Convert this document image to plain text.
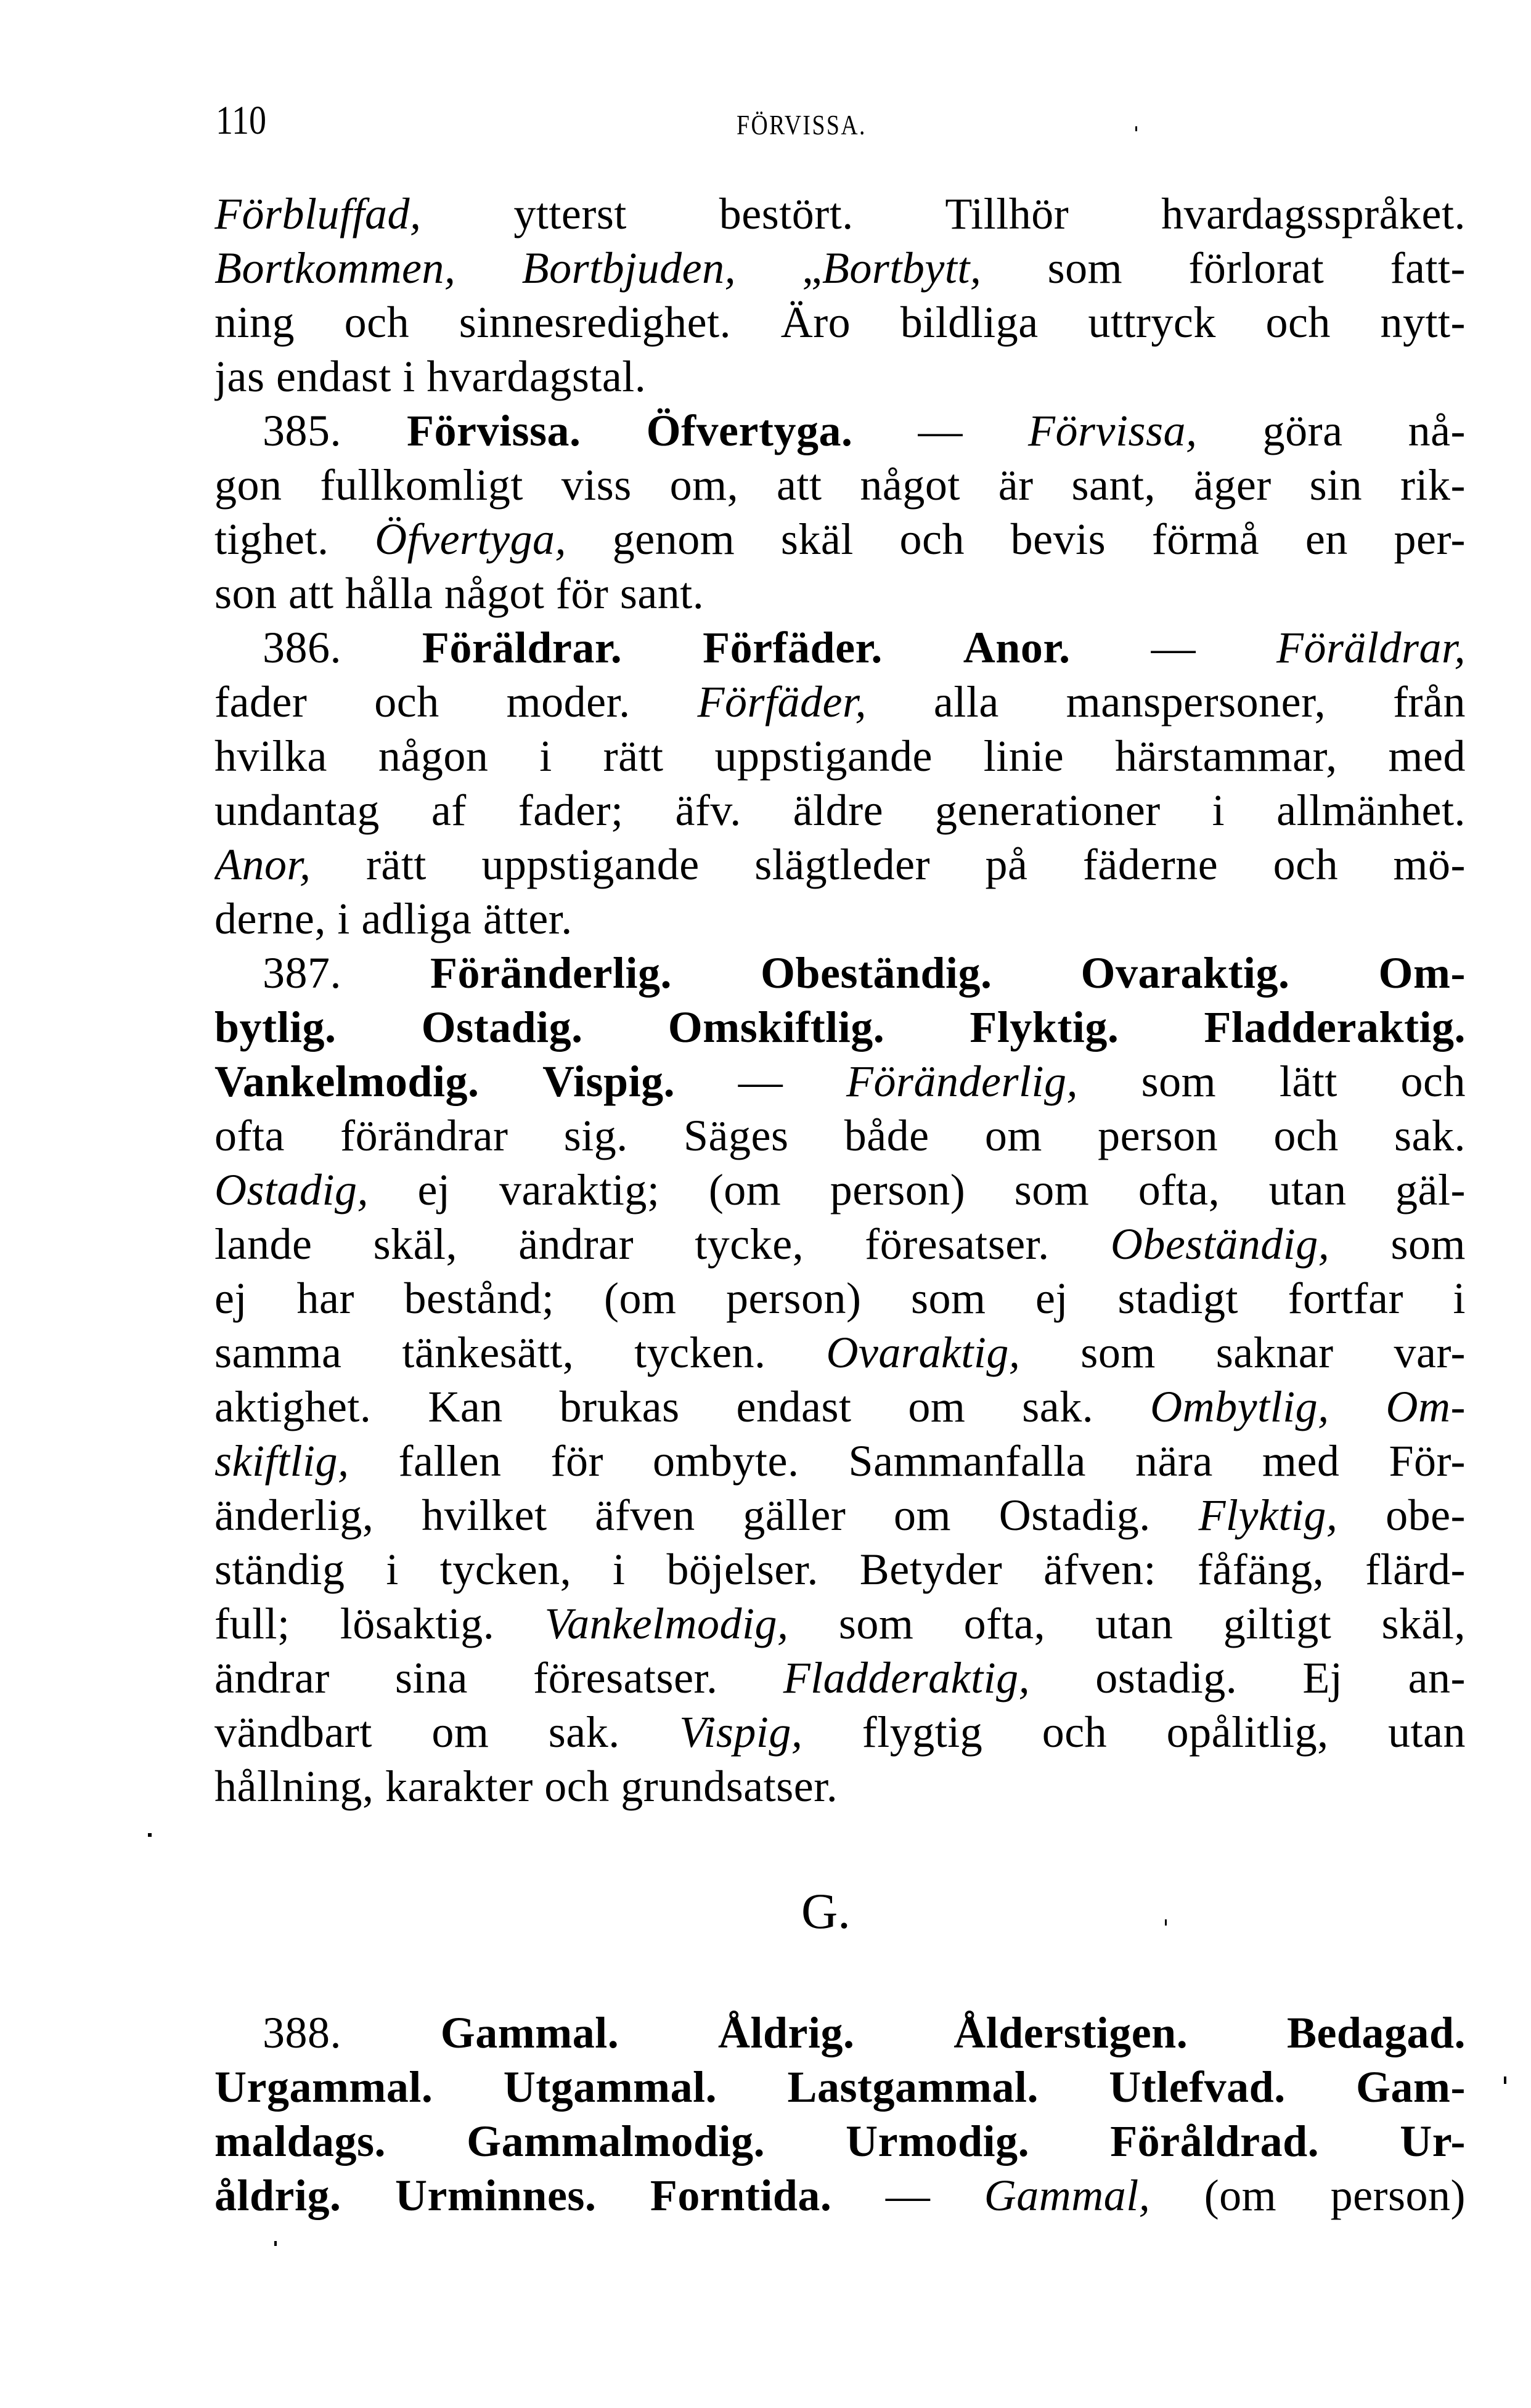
110	FÖRVISSA.
Förbluffad, ytterst bestört. Tillhör hvardagsspråket.
Bortkommen, Bortbjuden, „Bortbytt, som förlorat fatt-
ning och sinnesredighet. Äro bildliga uttryck och nytt-
jas endast i hvardagstal.
385. Förvissa. Öfvertyga. — Förvissa, göra nå-
gon fullkomligt viss om, att något är sant, äger sin rik-
tighet. Öfvertyga, genom skäl och bevis förmå en per-
son att hålla något för sant.
386. Föräldrar. Förfäder. Anor. — Föräldrar,
fader och moder. Förfäder, alla manspersoner, från
hvilka någon i rätt uppstigande linie härstammar, med
undantag af fader; äfv. äldre generationer i allmänhet.
Anor, rätt uppstigande slägtleder på fäderne och mö-
derne, i adliga ätter.
387. Föränderlig. Obeständig. Ovaraktig. Om-
bytlig. Ostadig. Omskiftlig. Flyktig. Fladderaktig.
Vankelmodig. Vispig. — Föränderlig, som lätt och
ofta förändrar sig. Säges både om person och sak.
Ostadig, ej varaktig; (om person) som ofta, utan gäl-
lande skäl, ändrar tycke, föresatser. Obeständig, som
ej har bestånd; (om person) som ej stadigt fortfar i
samma tänkesätt, tycken. Ovaraktig, som saknar var-
aktighet. Kan brukas endast om sak. Ombytlig, Om-
skiftlig, fallen för ombyte. Sammanfalla nära med För-
änderlig, hvilket äfven gäller om Ostadig. Flyktig, obe-
ständig i tycken, i böjelser. Betyder äfven: fåfäng, flärd-
full; lösaktig. Vankelmodig, som ofta, utan giltigt skäl,
ändrar sina föresatser. Fladderaktig, ostadig. Ej an-
vändbart om sak. Vispig, flygtig och opålitlig, utan
hållning, karakter och grundsatser.
388. Gammal. Åldrig. Ålderstigen. Bedagad.
Urgammal. Utgammal. Lastgammal. Utlefvad. Gam-
maldags. Gammalmodig. Urmodig. Föråldrad. Ur-
åldrig. Urminnes. Forntida. — Gammal, (om person)
G.
